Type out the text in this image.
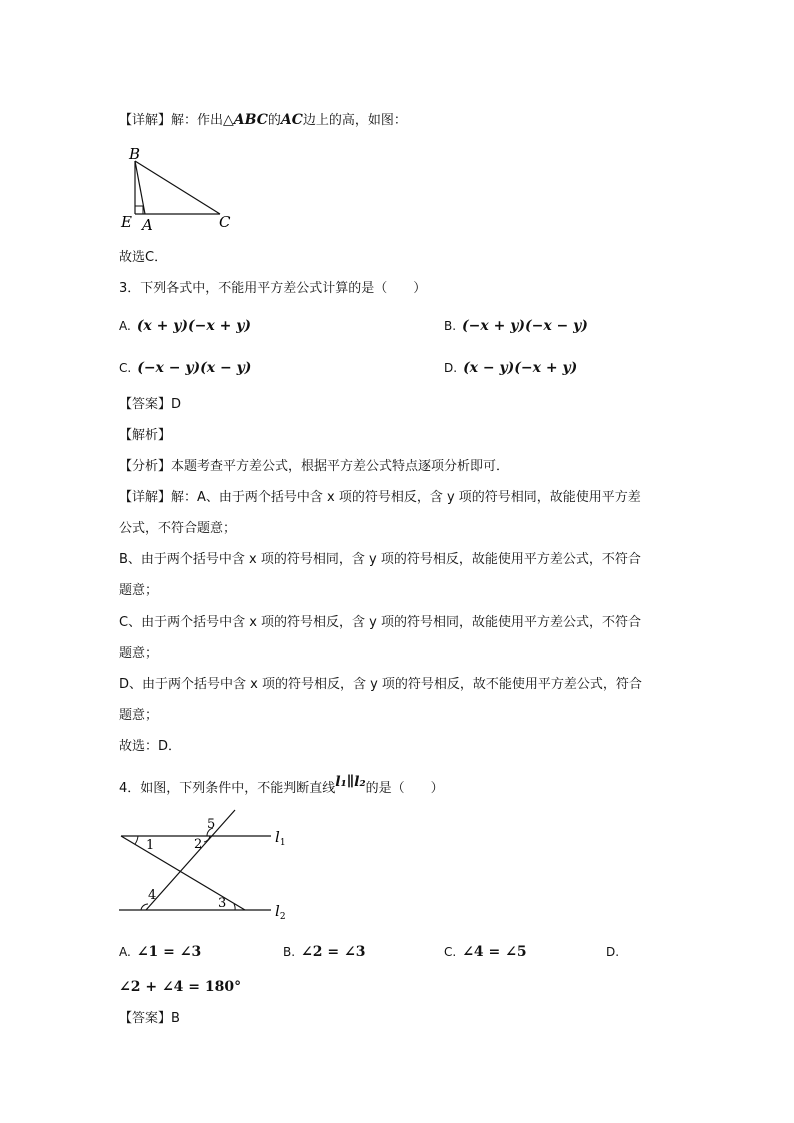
【详解】解：作出△ABC的AC边上的高，如图：
B
E A	C
故选C．
3．下列各式中，不能用平方差公式计算的是（　　）
A. (x + y)(−x + y)	B. (−x + y)(−x − y)
C. (−x − y)(x − y)	D. (x − y)(−x + y)
【答案】D
【解析】
【分析】本题考查平方差公式，根据平方差公式特点逐项分析即可．
【详解】解：A、由于两个括号中含 x 项的符号相反，含 y 项的符号相同，故能使用平方差
公式，不符合题意；
B、由于两个括号中含 x 项的符号相同，含 y 项的符号相反，故能使用平方差公式，不符合
题意；
C、由于两个括号中含 x 项的符号相反，含 y 项的符号相同，故能使用平方差公式，不符合
题意；
D、由于两个括号中含 x 项的符号相反，含 y 项的符号相反，故不能使用平方差公式，符合
题意；
故选：D．
4．如图，下列条件中，不能判断直线l₁∥l₂的是（　　）
1	2
3
4
5
$l_1$
$l_2$
A. ∠1 = ∠3	B. ∠2 = ∠3	C. ∠4 = ∠5	D.
∠2 + ∠4 = 180°
【答案】B
